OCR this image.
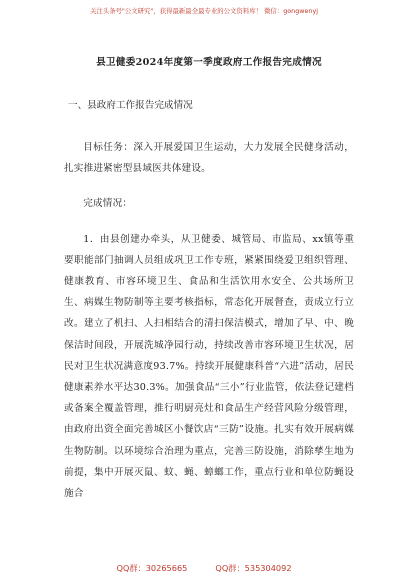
关注头条号"公文研究"，获得最新最全最专业的公文资料库！ 微信：gongwenyj
县卫健委2024年度第一季度政府工作报告完成情况
一、县政府工作报告完成情况
目标任务：深入开展爱国卫生运动，大力发展全民健身活动，扎实推进紧密型县域医共体建设。
完成情况：
1．由县创建办牵头，从卫健委、城管局、市监局、xx镇等重要职能部门抽调人员组成巩卫工作专班，紧紧围绕爱卫组织管理、健康教育、市容环境卫生、食品和生活饮用水安全、公共场所卫生、病媒生物防制等主要考核指标，常态化开展督查，责成立行立改。建立了机扫、人扫相结合的清扫保洁模式，增加了早、中、晚保洁时间段，开展洗城净园行动，持续改善市容环境卫生状况，居民对卫生状况满意度93.7%。持续开展健康科普“六进”活动，居民健康素养水平达30.3%。加强食品“三小”行业监管，依法登记建档或备案全覆盖管理，推行明厨亮灶和食品生产经营风险分级管理，由政府出资全面完善城区小餐饮店“三防”设施。扎实有效开展病媒生物防制。以环境综合治理为重点，完善三防设施，消除孳生地为前提，集中开展灭鼠、蚊、蝇、蟑螂工作，重点行业和单位防蝇设施合
QQ群：30265665	QQ群：535304092
